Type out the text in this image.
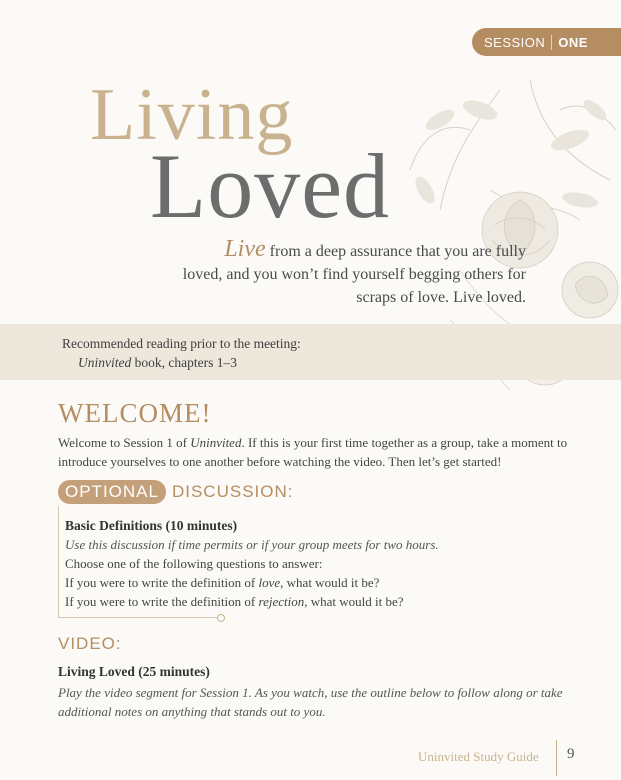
SESSION	ONE
Living
Loved
Live from a deep assurance that you are fully
loved, and you won’t find yourself begging others for
scraps of love. Live loved.
Recommended reading prior to the meeting:
Uninvited book, chapters 1–3
WELCOME!
Welcome to Session 1 of Uninvited. If this is your first time together as a group, take a moment to introduce yourselves to one another before watching the video. Then let’s get started!
OPTIONAL DISCUSSION:
Basic Definitions (10 minutes)
Use this discussion if time permits or if your group meets for two hours.
Choose one of the following questions to answer:
If you were to write the definition of love, what would it be?
If you were to write the definition of rejection, what would it be?
VIDEO:
Living Loved (25 minutes)
Play the video segment for Session 1. As you watch, use the outline below to follow along or take additional notes on anything that stands out to you.
Uninvited Study Guide 9
